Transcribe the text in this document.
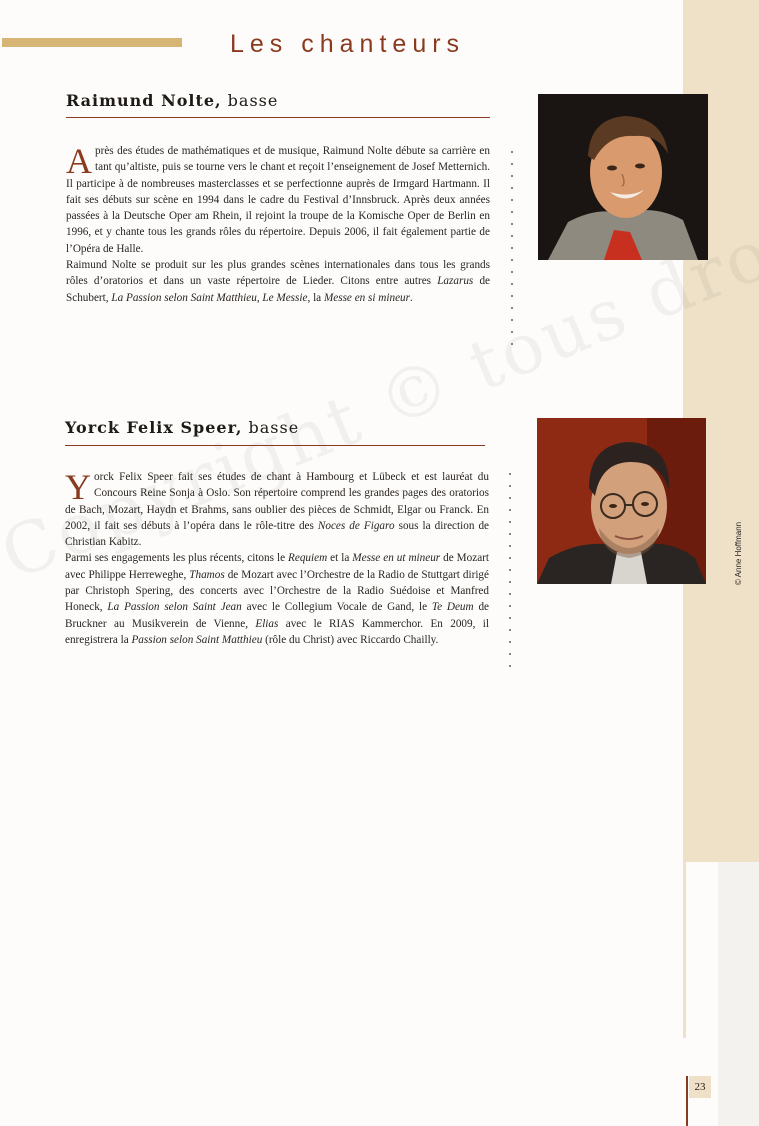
Les chanteurs
Raimund Nolte, basse

Après des études de mathématiques et de musique, Raimund Nolte débute sa carrière en tant qu’altiste, puis se tourne vers le chant et reçoit l’enseignement de Josef Metternich. Il participe à de nombreuses masterclasses et se perfectionne auprès de Irmgard Hartmann. Il fait ses débuts sur scène en 1994 dans le cadre du Festival d’Innsbruck. Après deux années passées à la Deutsche Oper am Rhein, il rejoint la troupe de la Komische Oper de Berlin en 1996, et y chante tous les grands rôles du répertoire. Depuis 2006, il fait également partie de l’Opéra de Halle.

Raimund Nolte se produit sur les plus grandes scènes internationales dans tous les grands rôles d’oratorios et dans un vaste répertoire de Lieder. Citons entre autres Lazarus de Schubert, La Passion selon Saint Matthieu, Le Messie, la Messe en si mineur.

Yorck Felix Speer, basse

Yorck Felix Speer fait ses études de chant à Hambourg et Lübeck et est lauréat du Concours Reine Sonja à Oslo. Son répertoire comprend les grandes pages des oratorios de Bach, Mozart, Haydn et Brahms, sans oublier des pièces de Schmidt, Elgar ou Franck. En 2002, il fait ses débuts à l’opéra dans le rôle-titre des Noces de Figaro sous la direction de Christian Kabitz.

Parmi ses engagements les plus récents, citons le Requiem et la Messe en ut mineur de Mozart avec Philippe Herreweghe, Thamos de Mozart avec l’Orchestre de la Radio de Stuttgart dirigé par Christoph Spering, des concerts avec l’Orchestre de la Radio Suédoise et Manfred Honeck, La Passion selon Saint Jean avec le Collegium Vocale de Gand, le Te Deum de Bruckner au Musikverein de Vienne, Elias avec le RIAS Kammerchor. En 2009, il enregistrera la Passion selon Saint Matthieu (rôle du Christ) avec Riccardo Chailly.

© Anne Hoffmann
23
